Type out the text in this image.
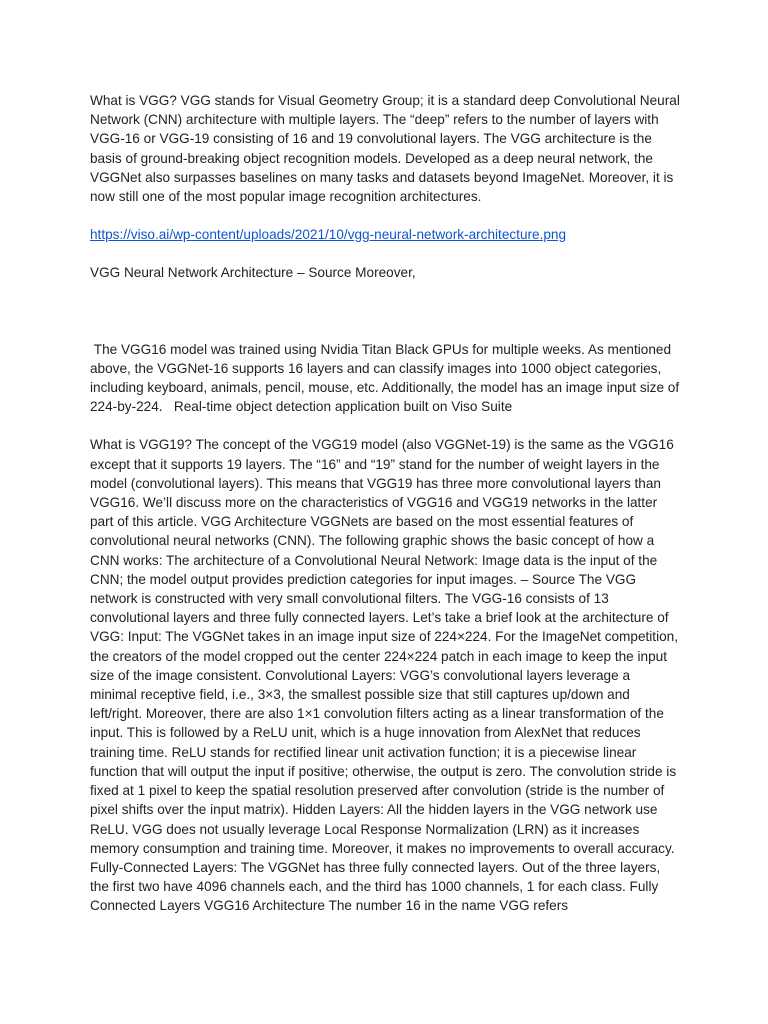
What is VGG? VGG stands for Visual Geometry Group; it is a standard deep Convolutional Neural Network (CNN) architecture with multiple layers. The “deep” refers to the number of layers with VGG-16 or VGG-19 consisting of 16 and 19 convolutional layers. The VGG architecture is the basis of ground-breaking object recognition models. Developed as a deep neural network, the VGGNet also surpasses baselines on many tasks and datasets beyond ImageNet. Moreover, it is now still one of the most popular image recognition architectures.

https://viso.ai/wp-content/uploads/2021/10/vgg-neural-network-architecture.png

VGG Neural Network Architecture – Source Moreover,

The VGG16 model was trained using Nvidia Titan Black GPUs for multiple weeks. As mentioned above, the VGGNet-16 supports 16 layers and can classify images into 1000 object categories, including keyboard, animals, pencil, mouse, etc. Additionally, the model has an image input size of 224-by-224.   Real-time object detection application built on Viso Suite

What is VGG19? The concept of the VGG19 model (also VGGNet-19) is the same as the VGG16 except that it supports 19 layers. The “16” and “19” stand for the number of weight layers in the model (convolutional layers). This means that VGG19 has three more convolutional layers than VGG16. We’ll discuss more on the characteristics of VGG16 and VGG19 networks in the latter part of this article. VGG Architecture VGGNets are based on the most essential features of convolutional neural networks (CNN). The following graphic shows the basic concept of how a CNN works: The architecture of a Convolutional Neural Network: Image data is the input of the CNN; the model output provides prediction categories for input images. – Source The VGG network is constructed with very small convolutional filters. The VGG-16 consists of 13 convolutional layers and three fully connected layers. Let’s take a brief look at the architecture of VGG: Input: The VGGNet takes in an image input size of 224×224. For the ImageNet competition, the creators of the model cropped out the center 224×224 patch in each image to keep the input size of the image consistent. Convolutional Layers: VGG’s convolutional layers leverage a minimal receptive field, i.e., 3×3, the smallest possible size that still captures up/down and left/right. Moreover, there are also 1×1 convolution filters acting as a linear transformation of the input. This is followed by a ReLU unit, which is a huge innovation from AlexNet that reduces training time. ReLU stands for rectified linear unit activation function; it is a piecewise linear function that will output the input if positive; otherwise, the output is zero. The convolution stride is fixed at 1 pixel to keep the spatial resolution preserved after convolution (stride is the number of pixel shifts over the input matrix). Hidden Layers: All the hidden layers in the VGG network use ReLU. VGG does not usually leverage Local Response Normalization (LRN) as it increases memory consumption and training time. Moreover, it makes no improvements to overall accuracy. Fully-Connected Layers: The VGGNet has three fully connected layers. Out of the three layers, the first two have 4096 channels each, and the third has 1000 channels, 1 for each class. Fully Connected Layers VGG16 Architecture The number 16 in the name VGG refers
